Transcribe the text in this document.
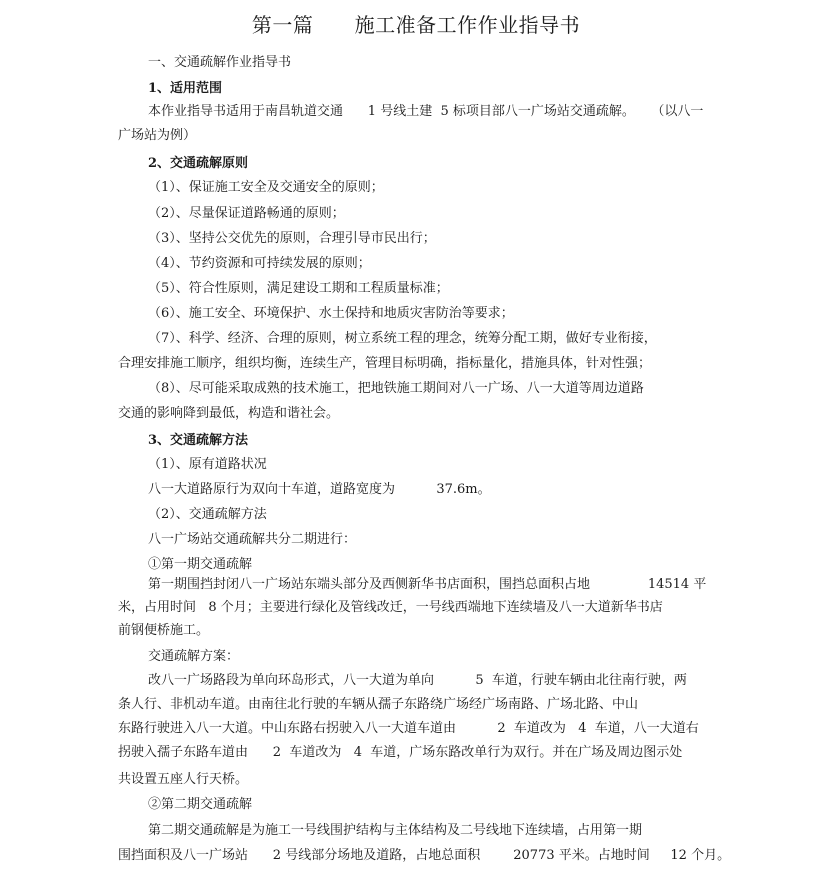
第一篇      施工准备工作作业指导书
一、交通疏解作业指导书
1、适用范围
本作业指导书适用于南昌轨道交通      1 号线土建  5 标项目部八一广场站交通疏解。    （以八一
广场站为例）
2、交通疏解原则
（1）、保证施工安全及交通安全的原则；
（2）、尽量保证道路畅通的原则；
（3）、坚持公交优先的原则，合理引导市民出行；
（4）、节约资源和可持续发展的原则；
（5）、符合性原则，满足建设工期和工程质量标准；
（6）、施工安全、环境保护、水土保持和地质灾害防治等要求；
（7）、科学、经济、合理的原则，树立系统工程的理念，统筹分配工期，做好专业衔接，
合理安排施工顺序，组织均衡，连续生产，管理目标明确，指标量化，措施具体，针对性强；
（8）、尽可能采取成熟的技术施工，把地铁施工期间对八一广场、八一大道等周边道路
交通的影响降到最低，构造和谐社会。
3、交通疏解方法
（1）、原有道路状况
八一大道路原行为双向十车道，道路宽度为          37.6m。
（2）、交通疏解方法
八一广场站交通疏解共分二期进行：
①第一期交通疏解
第一期围挡封闭八一广场站东端头部分及西侧新华书店面积，围挡总面积占地              14514 平
米，占用时间   8 个月；主要进行绿化及管线改迁，一号线西端地下连续墙及八一大道新华书店
前钢便桥施工。
交通疏解方案：
改八一广场路段为单向环岛形式，八一大道为单向          5  车道，行驶车辆由北往南行驶，两
条人行、非机动车道。由南往北行驶的车辆从孺子东路绕广场经广场南路、广场北路、中山
东路行驶进入八一大道。中山东路右拐驶入八一大道车道由          2  车道改为   4  车道，八一大道右
拐驶入孺子东路车道由      2  车道改为   4  车道，广场东路改单行为双行。并在广场及周边图示处
共设置五座人行天桥。
②第二期交通疏解
第二期交通疏解是为施工一号线围护结构与主体结构及二号线地下连续墙，占用第一期
围挡面积及八一广场站      2 号线部分场地及道路，占地总面积        20773 平米。占地时间     12 个月。
